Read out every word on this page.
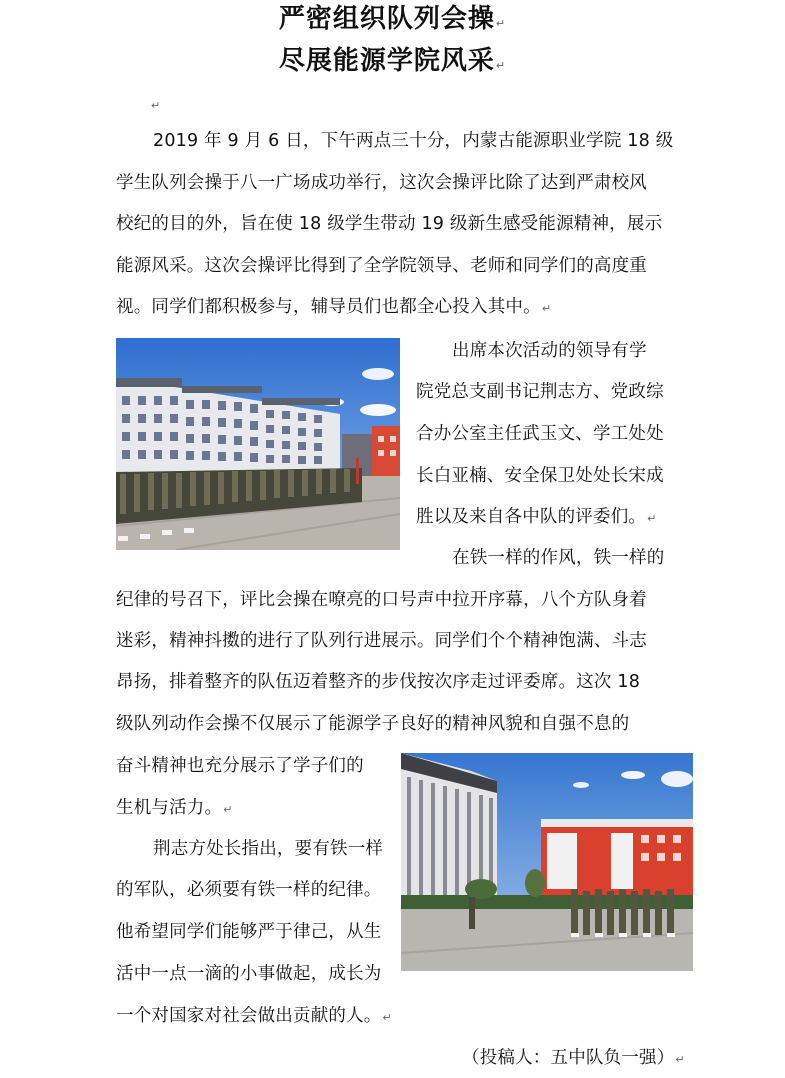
严密组织队列会操↵
尽展能源学院风采↵
↵
2019 年 9 月 6 日，下午两点三十分，内蒙古能源职业学院 18 级
学生队列会操于八一广场成功举行，这次会操评比除了达到严肃校风
校纪的目的外，旨在使 18 级学生带动 19 级新生感受能源精神，展示
能源风采。这次会操评比得到了全学院领导、老师和同学们的高度重
视。同学们都积极参与，辅导员们也都全心投入其中。↵
出席本次活动的领导有学
院党总支副书记荆志方、党政综
合办公室主任武玉文、学工处处
长白亚楠、安全保卫处处长宋成
胜以及来自各中队的评委们。↵
在铁一样的作风，铁一样的
纪律的号召下，评比会操在嘹亮的口号声中拉开序幕，八个方队身着
迷彩，精神抖擞的进行了队列行进展示。同学们个个精神饱满、斗志
昂扬，排着整齐的队伍迈着整齐的步伐按次序走过评委席。这次 18
级队列动作会操不仅展示了能源学子良好的精神风貌和自强不息的
奋斗精神也充分展示了学子们的
生机与活力。↵
荆志方处长指出，要有铁一样
的军队，必须要有铁一样的纪律。
他希望同学们能够严于律己，从生
活中一点一滴的小事做起，成长为
一个对国家对社会做出贡献的人。↵
（投稿人：五中队负一强）↵
